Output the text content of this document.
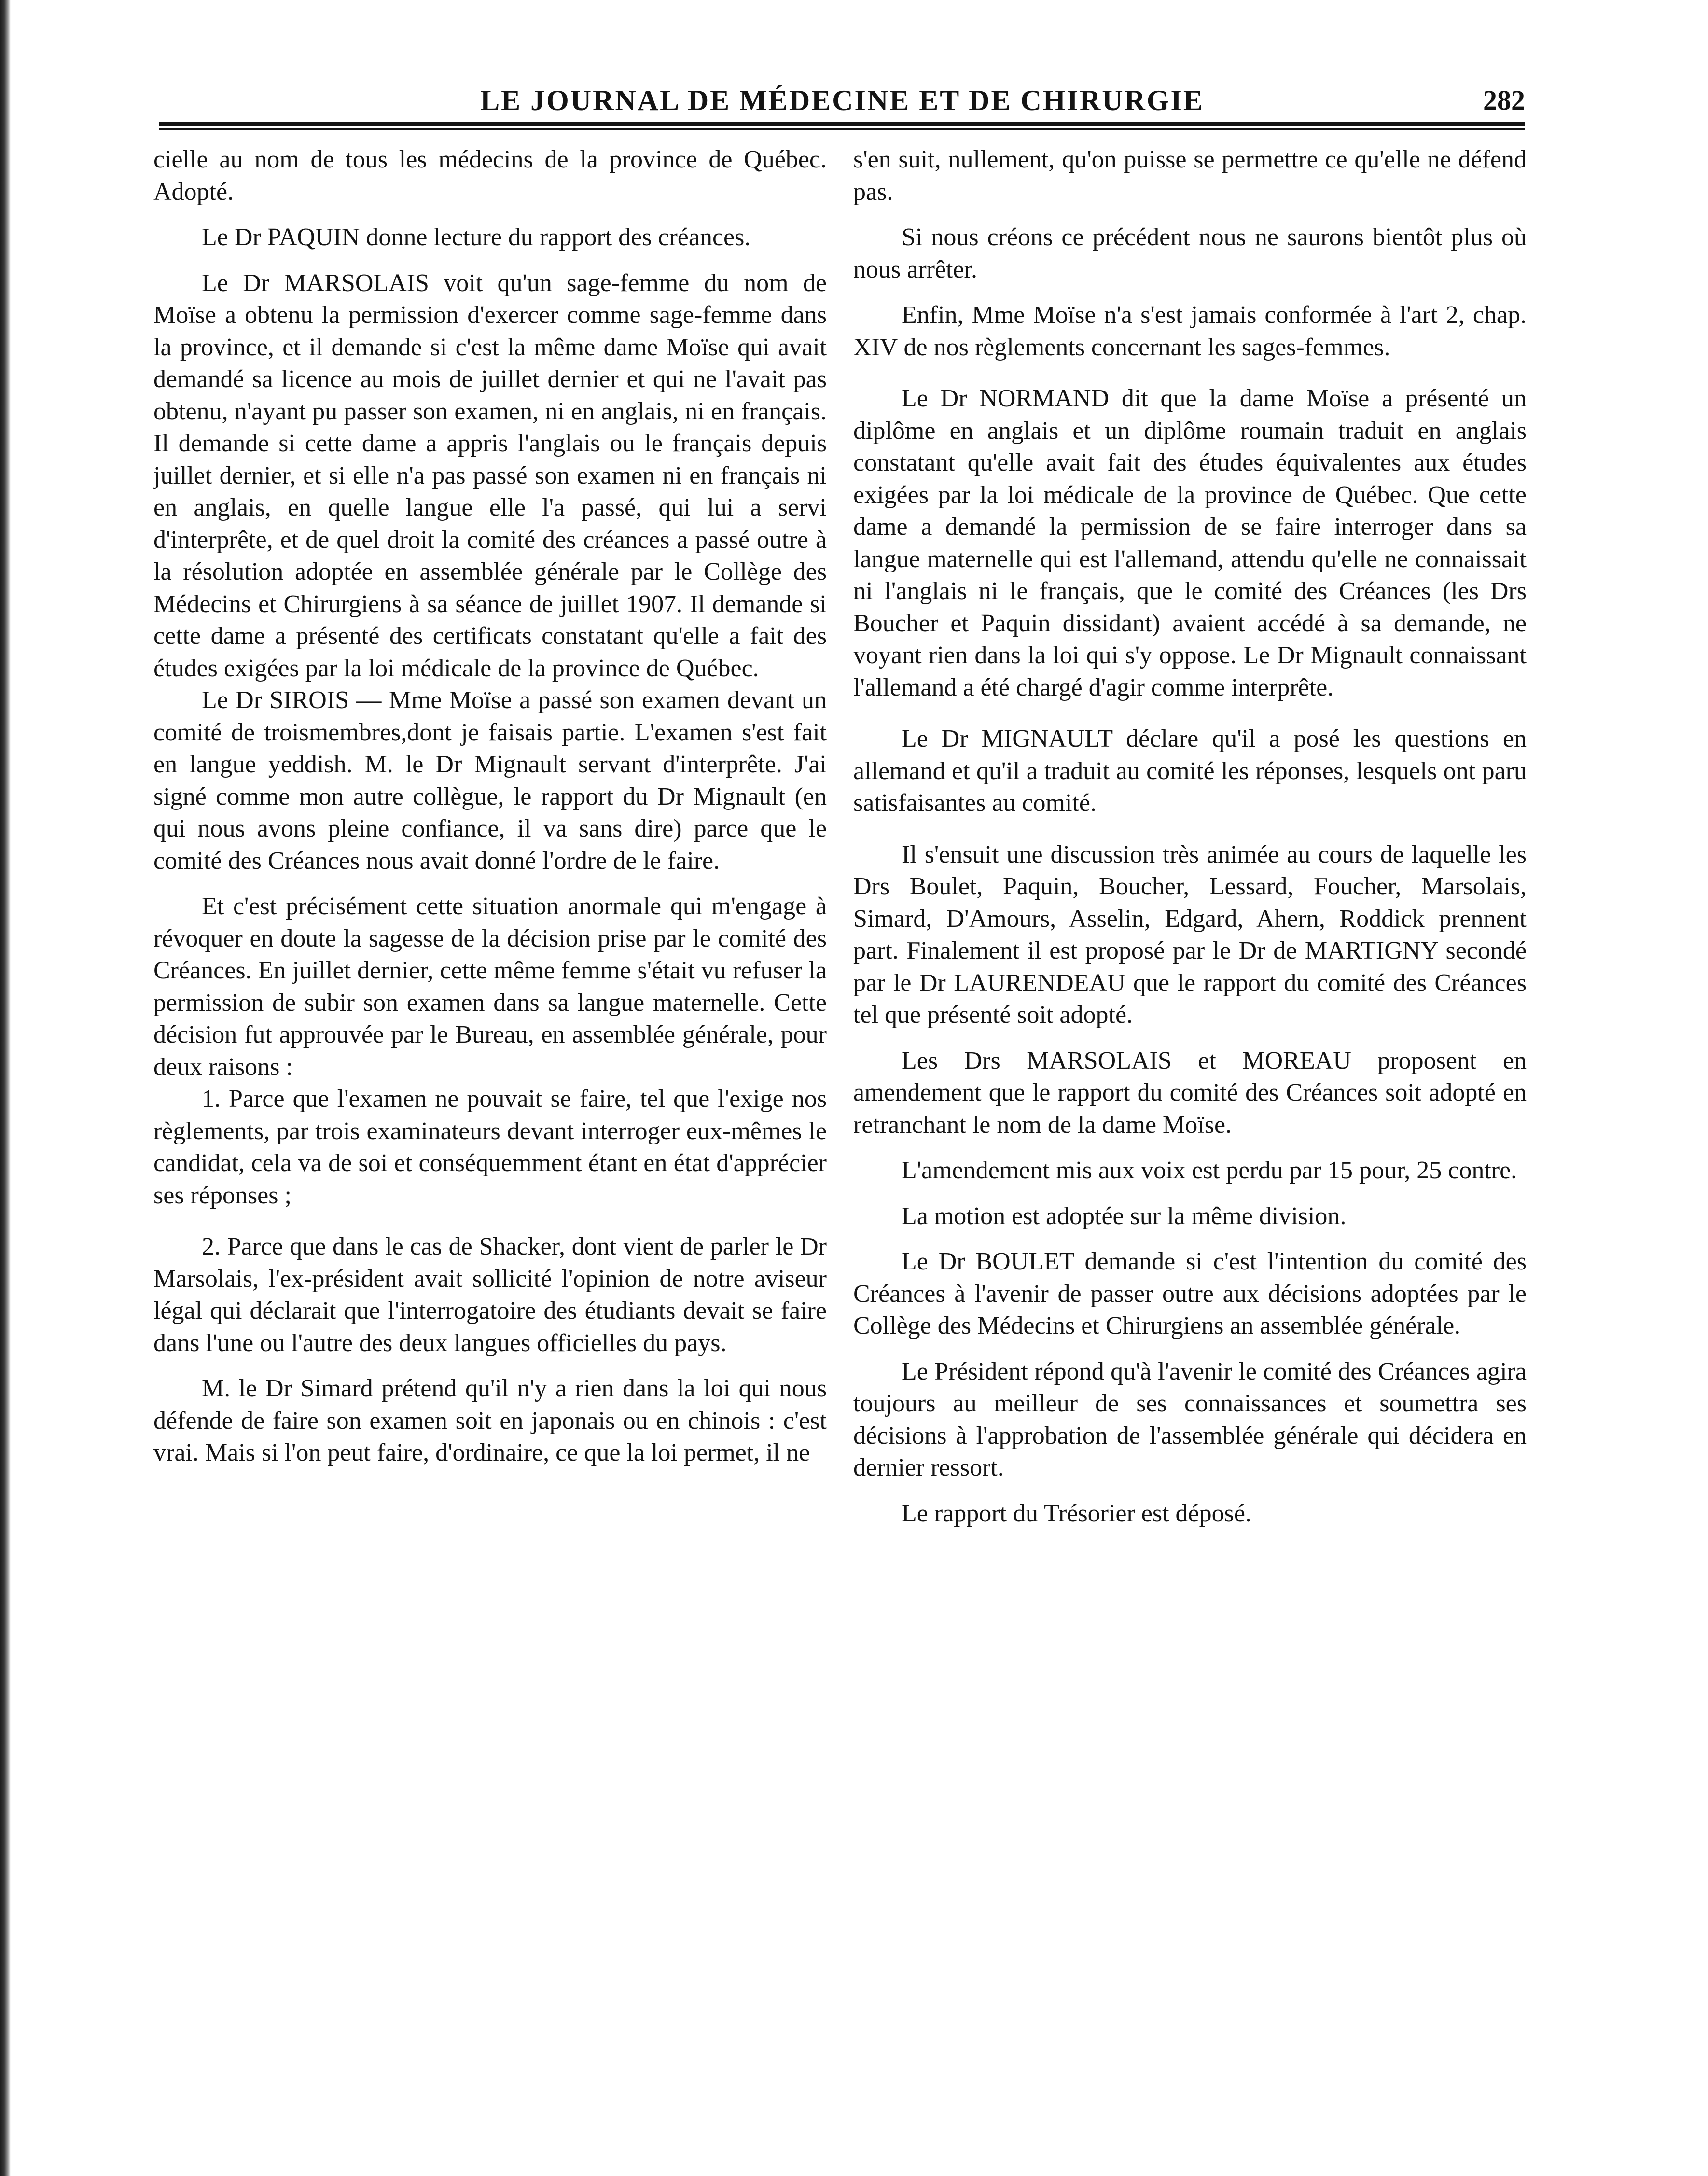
LE JOURNAL DE MÉDECINE ET DE CHIRURGIE	282

cielle au nom de tous les médecins de la province de Québec. Adopté.

Le Dr PAQUIN donne lecture du rapport des créances.

Le Dr MARSOLAIS voit qu'un sage-femme du nom de Moïse a obtenu la permission d'exercer comme sage-femme dans la province, et il demande si c'est la même dame Moïse qui avait demandé sa licence au mois de juillet dernier et qui ne l'avait pas obtenu, n'ayant pu passer son examen, ni en anglais, ni en français. Il demande si cette dame a appris l'anglais ou le français depuis juillet dernier, et si elle n'a pas passé son examen ni en français ni en anglais, en quelle langue elle l'a passé, qui lui a servi d'interprête, et de quel droit la comité des créances a passé outre à la résolution adoptée en assemblée générale par le Collège des Médecins et Chirurgiens à sa séance de juillet 1907. Il demande si cette dame a présenté des certificats constatant qu'elle a fait des études exigées par la loi médicale de la province de Québec.

Le Dr SIROIS — Mme Moïse a passé son examen devant un comité de troismembres,dont je faisais partie. L'examen s'est fait en langue yeddish. M. le Dr Mignault servant d'interprête. J'ai signé comme mon autre collègue, le rapport du Dr Mignault (en qui nous avons pleine confiance, il va sans dire) parce que le comité des Créances nous avait donné l'ordre de le faire.

Et c'est précisément cette situation anormale qui m'engage à révoquer en doute la sagesse de la décision prise par le comité des Créances. En juillet dernier, cette même femme s'était vu refuser la permission de subir son examen dans sa langue maternelle. Cette décision fut approuvée par le Bureau, en assemblée générale, pour deux raisons :

1. Parce que l'examen ne pouvait se faire, tel que l'exige nos règlements, par trois examinateurs devant interroger eux-mêmes le candidat, cela va de soi et conséquemment étant en état d'apprécier ses réponses ;

2. Parce que dans le cas de Shacker, dont vient de parler le Dr Marsolais, l'ex-président avait sollicité l'opinion de notre aviseur légal qui déclarait que l'interrogatoire des étudiants devait se faire dans l'une ou l'autre des deux langues officielles du pays.

M. le Dr Simard prétend qu'il n'y a rien dans la loi qui nous défende de faire son examen soit en japonais ou en chinois : c'est vrai. Mais si l'on peut faire, d'ordinaire, ce que la loi permet, il ne

s'en suit, nullement, qu'on puisse se permettre ce qu'elle ne défend pas.

Si nous créons ce précédent nous ne saurons bientôt plus où nous arrêter.

Enfin, Mme Moïse n'a s'est jamais conformée à l'art 2, chap. XIV de nos règlements concernant les sages-femmes.

Le Dr NORMAND dit que la dame Moïse a présenté un diplôme en anglais et un diplôme roumain traduit en anglais constatant qu'elle avait fait des études équivalentes aux études exigées par la loi médicale de la province de Québec. Que cette dame a demandé la permission de se faire interroger dans sa langue maternelle qui est l'allemand, attendu qu'elle ne connaissait ni l'anglais ni le français, que le comité des Créances (les Drs Boucher et Paquin dissidant) avaient accédé à sa demande, ne voyant rien dans la loi qui s'y oppose. Le Dr Mignault connaissant l'allemand a été chargé d'agir comme interprête.

Le Dr MIGNAULT déclare qu'il a posé les questions en allemand et qu'il a traduit au comité les réponses, lesquels ont paru satisfaisantes au comité.

Il s'ensuit une discussion très animée au cours de laquelle les Drs Boulet, Paquin, Boucher, Lessard, Foucher, Marsolais, Simard, D'Amours, Asselin, Edgard, Ahern, Roddick prennent part. Finalement il est proposé par le Dr de MARTIGNY secondé par le Dr LAURENDEAU que le rapport du comité des Créances tel que présenté soit adopté.

Les Drs MARSOLAIS et MOREAU proposent en amendement que le rapport du comité des Créances soit adopté en retranchant le nom de la dame Moïse.

L'amendement mis aux voix est perdu par 15 pour, 25 contre.

La motion est adoptée sur la même division.

Le Dr BOULET demande si c'est l'intention du comité des Créances à l'avenir de passer outre aux décisions adoptées par le Collège des Médecins et Chirurgiens an assemblée générale.

Le Président répond qu'à l'avenir le comité des Créances agira toujours au meilleur de ses connaissances et soumettra ses décisions à l'approbation de l'assemblée générale qui décidera en dernier ressort.

Le rapport du Trésorier est déposé.
